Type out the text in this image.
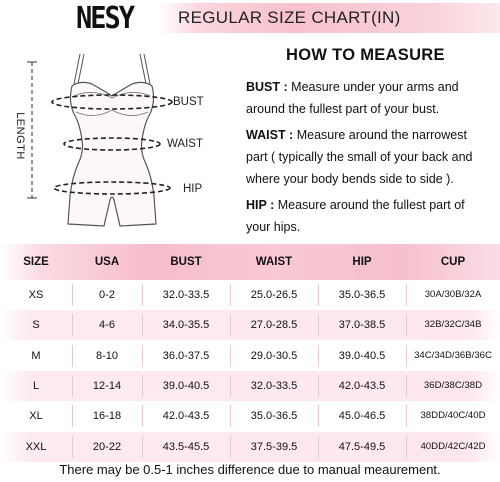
NESY	REGULAR SIZE CHART(IN)
LENGTH
BUST
WAIST
HIP
HOW TO MEASURE
BUST : Measure under your arms and around the fullest part of your bust.
WAIST : Measure around the narrowest part ( typically the small of your back and where your body bends side to side ).
HIP : Measure around the fullest part of your hips.
SIZE	USA	BUST	WAIST	HIP	CUP
XS	0-2	32.0-33.5	25.0-26.5	35.0-36.5	30A/30B/32A
S	4-6	34.0-35.5	27.0-28.5	37.0-38.5	32B/32C/34B
M	8-10	36.0-37.5	29.0-30.5	39.0-40.5	34C/34D/36B/36C
L	12-14	39.0-40.5	32.0-33.5	42.0-43.5	36D/38C/38D
XL	16-18	42.0-43.5	35.0-36.5	45.0-46.5	38DD/40C/40D
XXL	20-22	43.5-45.5	37.5-39.5	47.5-49.5	40DD/42C/42D
There may be 0.5-1 inches difference due to manual meaurement.
